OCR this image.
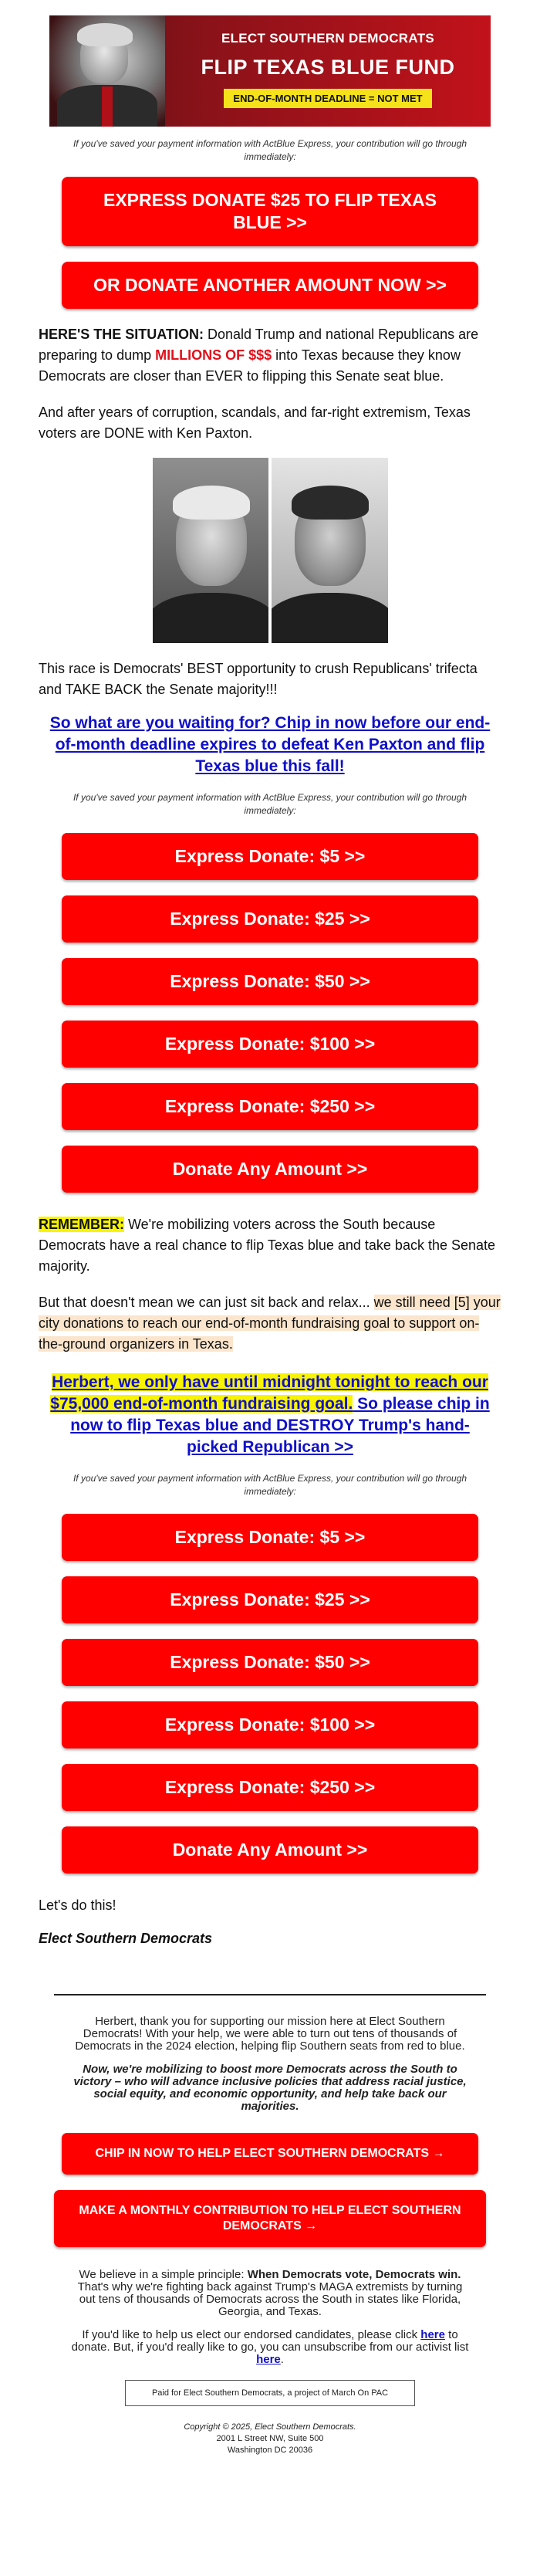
ELECT SOUTHERN DEMOCRATS
FLIP TEXAS BLUE FUND
END-OF-MONTH DEADLINE = NOT MET
If you've saved your payment information with ActBlue Express, your contribution will go through immediately:
EXPRESS DONATE $25 TO FLIP TEXAS BLUE >>
OR DONATE ANOTHER AMOUNT NOW >>

HERE'S THE SITUATION: Donald Trump and national Republicans are preparing to dump MILLIONS OF $$$ into Texas because they know Democrats are closer than EVER to flipping this Senate seat blue.

And after years of corruption, scandals, and far-right extremism, Texas voters are DONE with Ken Paxton.

This race is Democrats' BEST opportunity to crush Republicans' trifecta and TAKE BACK the Senate majority!!!

So what are you waiting for? Chip in now before our end-of-month deadline expires to defeat Ken Paxton and flip Texas blue this fall!
If you've saved your payment information with ActBlue Express, your contribution will go through immediately:
Express Donate: $5 >>
Express Donate: $25 >>
Express Donate: $50 >>
Express Donate: $100 >>
Express Donate: $250 >>
Donate Any Amount >>

REMEMBER: We're mobilizing voters across the South because Democrats have a real chance to flip Texas blue and take back the Senate majority.

But that doesn't mean we can just sit back and relax... we still need [5] your city donations to reach our end-of-month fundraising goal to support on-the-ground organizers in Texas.

Herbert, we only have until midnight tonight to reach our $75,000 end-of-month fundraising goal. So please chip in now to flip Texas blue and DESTROY Trump's hand-picked Republican >>
If you've saved your payment information with ActBlue Express, your contribution will go through immediately:
Express Donate: $5 >>
Express Donate: $25 >>
Express Donate: $50 >>
Express Donate: $100 >>
Express Donate: $250 >>
Donate Any Amount >>

Let's do this!

Elect Southern Democrats

Herbert, thank you for supporting our mission here at Elect Southern Democrats! With your help, we were able to turn out tens of thousands of Democrats in the 2024 election, helping flip Southern seats from red to blue.

Now, we're mobilizing to boost more Democrats across the South to victory – who will advance inclusive policies that address racial justice, social equity, and economic opportunity, and help take back our majorities.

CHIP IN NOW TO HELP ELECT SOUTHERN DEMOCRATS →
MAKE A MONTHLY CONTRIBUTION TO HELP ELECT SOUTHERN DEMOCRATS →

We believe in a simple principle: When Democrats vote, Democrats win. That's why we're fighting back against Trump's MAGA extremists by turning out tens of thousands of Democrats across the South in states like Florida, Georgia, and Texas.

If you'd like to help us elect our endorsed candidates, please click here to donate. But, if you'd really like to go, you can unsubscribe from our activist list here.

Paid for Elect Southern Democrats, a project of March On PAC
Copyright © 2025, Elect Southern Democrats.
2001 L Street NW, Suite 500
Washington DC 20036
